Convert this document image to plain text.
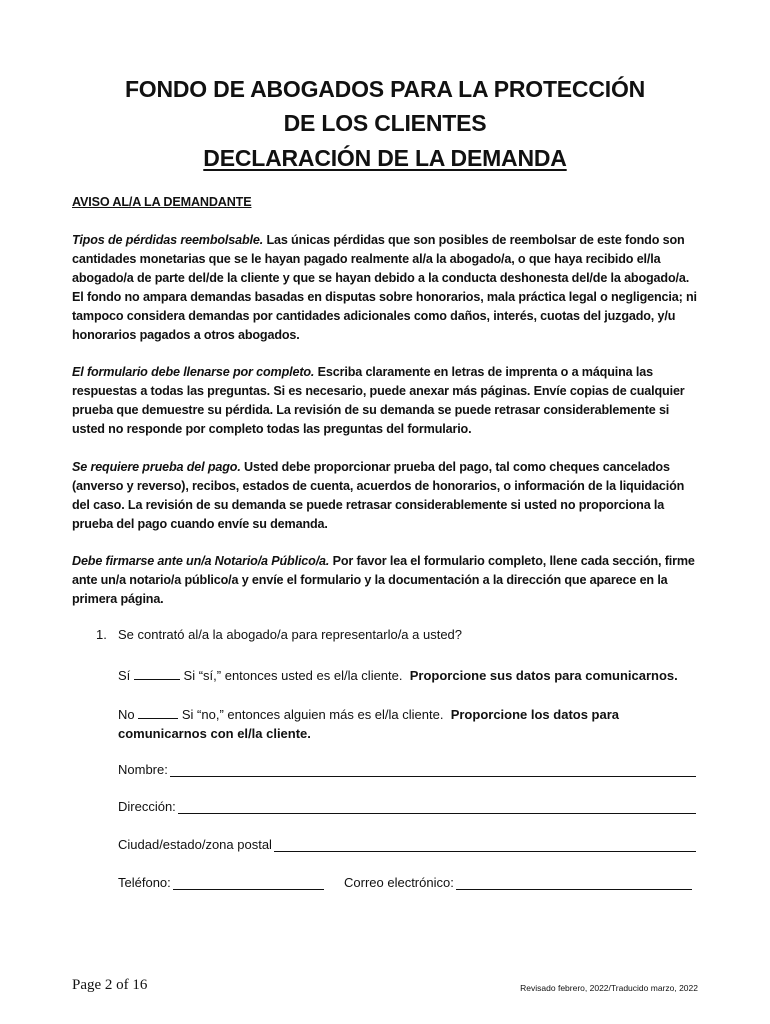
FONDO DE ABOGADOS PARA LA PROTECCIÓN
DE LOS CLIENTES
DECLARACIÓN DE LA DEMANDA
AVISO AL/A LA DEMANDANTE
Tipos de pérdidas reembolsable. Las únicas pérdidas que son posibles de reembolsar de este fondo son cantidades monetarias que se le hayan pagado realmente al/a la abogado/a, o que haya recibido el/la abogado/a de parte del/de la cliente y que se hayan debido a la conducta deshonesta del/de la abogado/a. El fondo no ampara demandas basadas en disputas sobre honorarios, mala práctica legal o negligencia; ni tampoco considera demandas por cantidades adicionales como daños, interés, cuotas del juzgado, y/u honorarios pagados a otros abogados.
El formulario debe llenarse por completo. Escriba claramente en letras de imprenta o a máquina las respuestas a todas las preguntas. Si es necesario, puede anexar más páginas. Envíe copias de cualquier prueba que demuestre su pérdida. La revisión de su demanda se puede retrasar considerablemente si usted no responde por completo todas las preguntas del formulario.
Se requiere prueba del pago. Usted debe proporcionar prueba del pago, tal como cheques cancelados (anverso y reverso), recibos, estados de cuenta, acuerdos de honorarios, o información de la liquidación del caso. La revisión de su demanda se puede retrasar considerablemente si usted no proporciona la prueba del pago cuando envíe su demanda.
Debe firmarse ante un/a Notario/a Público/a. Por favor lea el formulario completo, llene cada sección, firme ante un/a notario/a público/a y envíe el formulario y la documentación a la dirección que aparece en la primera página.
1. Se contrató al/a la abogado/a para representarlo/a a usted?
Sí	Si “sí,” entonces usted es el/la cliente. Proporcione sus datos para comunicarnos.
No	Si “no,” entonces alguien más es el/la cliente. Proporcione los datos para comunicarnos con el/la cliente.
Nombre:
Dirección:
Ciudad/estado/zona postal
Teléfono:	Correo electrónico:
Page 2 of 16	Revisado febrero, 2022/Traducido marzo, 2022
